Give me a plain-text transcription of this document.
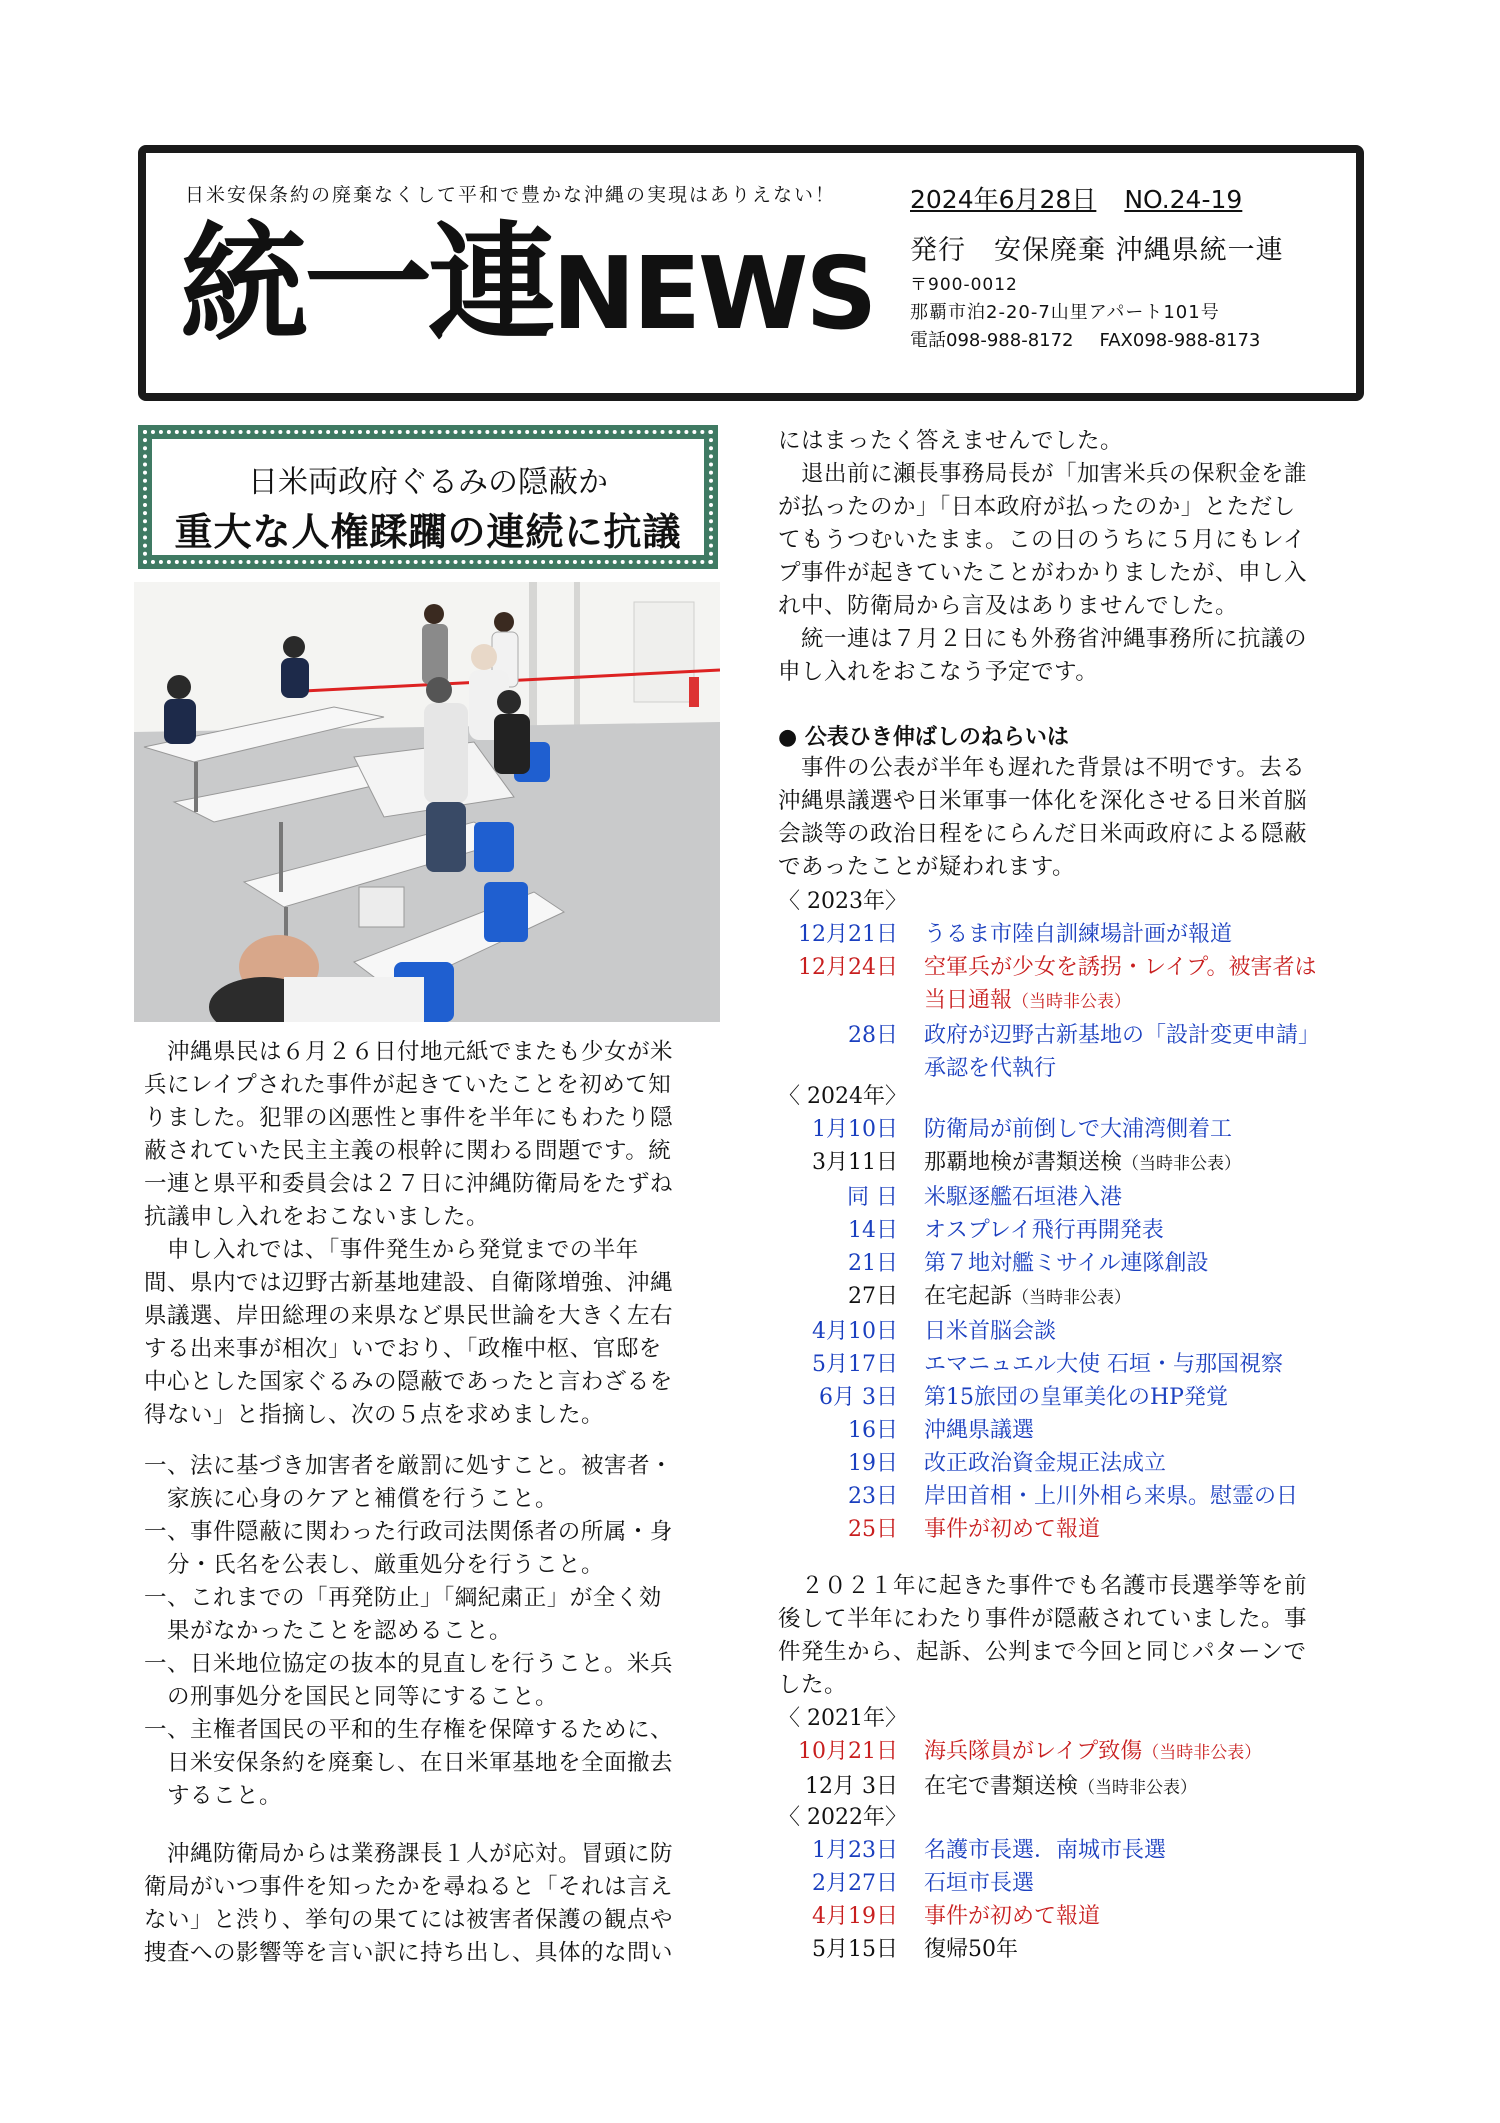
日米安保条約の廃棄なくして平和で豊かな沖縄の実現はありえない！
統一連 NEWS
2024年6月28日 NO.24-19
発行　安保廃棄 沖縄県統一連
〒900-0012
那覇市泊2-20-7山里アパート101号
電話098-988-8172 FAX098-988-8173
日米両政府ぐるみの隠蔽か
重大な人権蹂躙の連続に抗議
　沖縄県民は６月２６日付地元紙でまたも少女が米
兵にレイプされた事件が起きていたことを初めて知
りました。犯罪の凶悪性と事件を半年にもわたり隠
蔽されていた民主主義の根幹に関わる問題です。統
一連と県平和委員会は２７日に沖縄防衛局をたずね
抗議申し入れをおこないました。
　申し入れでは、「事件発生から発覚までの半年
間、県内では辺野古新基地建設、自衛隊増強、沖縄
県議選、岸田総理の来県など県民世論を大きく左右
する出来事が相次」いでおり、「政権中枢、官邸を
中心とした国家ぐるみの隠蔽であったと言わざるを
得ない」と指摘し、次の５点を求めました。
一、法に基づき加害者を厳罰に処すこと。被害者・
　家族に心身のケアと補償を行うこと。
一、事件隠蔽に関わった行政司法関係者の所属・身
　分・氏名を公表し、厳重処分を行うこと。
一、これまでの「再発防止」「綱紀粛正」が全く効
　果がなかったことを認めること。
一、日米地位協定の抜本的見直しを行うこと。米兵
　の刑事処分を国民と同等にすること。
一、主権者国民の平和的生存権を保障するために、
　日米安保条約を廃棄し、在日米軍基地を全面撤去
　すること。
　沖縄防衛局からは業務課長１人が応対。冒頭に防
衛局がいつ事件を知ったかを尋ねると「それは言え
ない」と渋り、挙句の果てには被害者保護の観点や
捜査への影響等を言い訳に持ち出し、具体的な問い
にはまったく答えませんでした。
　退出前に瀬長事務局長が「加害米兵の保釈金を誰
が払ったのか」「日本政府が払ったのか」とただし
てもうつむいたまま。この日のうちに５月にもレイ
プ事件が起きていたことがわかりましたが、申し入
れ中、防衛局から言及はありませんでした。
　統一連は７月２日にも外務省沖縄事務所に抗議の
申し入れをおこなう予定です。
● 公表ひき伸ばしのねらいは
　事件の公表が半年も遅れた背景は不明です。去る
沖縄県議選や日米軍事一体化を深化させる日米首脳
会談等の政治日程をにらんだ日米両政府による隠蔽
であったことが疑われます。
〈 2023年〉
12月21日 うるま市陸自訓練場計画が報道
12月24日 空軍兵が少女を誘拐・レイプ。被害者は
当日通報（当時非公表）
28日 政府が辺野古新基地の「設計変更申請」
承認を代執行
〈 2024年〉
1月10日 防衛局が前倒しで大浦湾側着工
3月11日 那覇地検が書類送検（当時非公表）
同 日 米駆逐艦石垣港入港
14日 オスプレイ飛行再開発表
21日 第７地対艦ミサイル連隊創設
27日 在宅起訴（当時非公表）
4月10日 日米首脳会談
5月17日 エマニュエル大使 石垣・与那国視察
6月 3日 第15旅団の皇軍美化のHP発覚
16日 沖縄県議選
19日 改正政治資金規正法成立
23日 岸田首相・上川外相ら来県。慰霊の日
25日 事件が初めて報道
　２０２１年に起きた事件でも名護市長選挙等を前
後して半年にわたり事件が隠蔽されていました。事
件発生から、起訴、公判まで今回と同じパターンで
した。
〈 2021年〉
10月21日 海兵隊員がレイプ致傷（当時非公表）
12月 3日 在宅で書類送検（当時非公表）
〈 2022年〉
1月23日 名護市長選．南城市長選
2月27日 石垣市長選
4月19日 事件が初めて報道
5月15日 復帰50年
